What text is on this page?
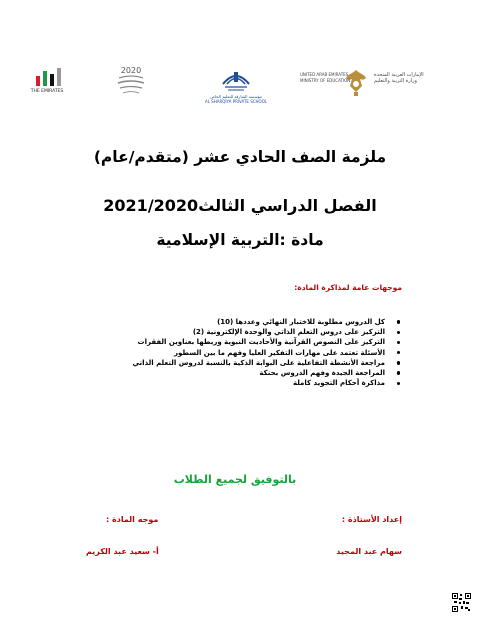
الإمارات العربية المتحدة
وزارة التربية والتعليم
UNITED ARAB EMIRATES
MINISTRY OF EDUCATION
مؤسسة الشارقة للتعليم الخاص
AL SHARQIYA PRIVATE SCHOOL
2020
THE EMIRATES
ملزمة الصف الحادي عشر (متقدم/عام)
الفصل الدراسي الثالث2021/2020
مادة :التربية الإسلامية
موجهات عامة لمذاكرة المادة:
كل الدروس مطلوبة للاختبار النهائي وعددها (10)
التركيز على دروس التعلم الذاتي والوحدة الإلكترونية (2)
التركيز على النصوص القرآنية والأحاديث النبوية وربطها بعناوين الفقرات
الأسئلة تعتمد على مهارات التفكير العليا وفهم ما بين السطور
مراجعة الأنشطة التفاعلية على البوابة الذكية بالنسبة لدروس التعلم الذاتي
المراجعة الجيدة وفهم الدروس بحنكة
مذاكرة أحكام التجويد كاملة
بالتوفيق لجميع الطلاب
إعداد الأستاذة :
سهام عبد المجيد
موجه المادة :
أ- سعيد عبد الكريم
